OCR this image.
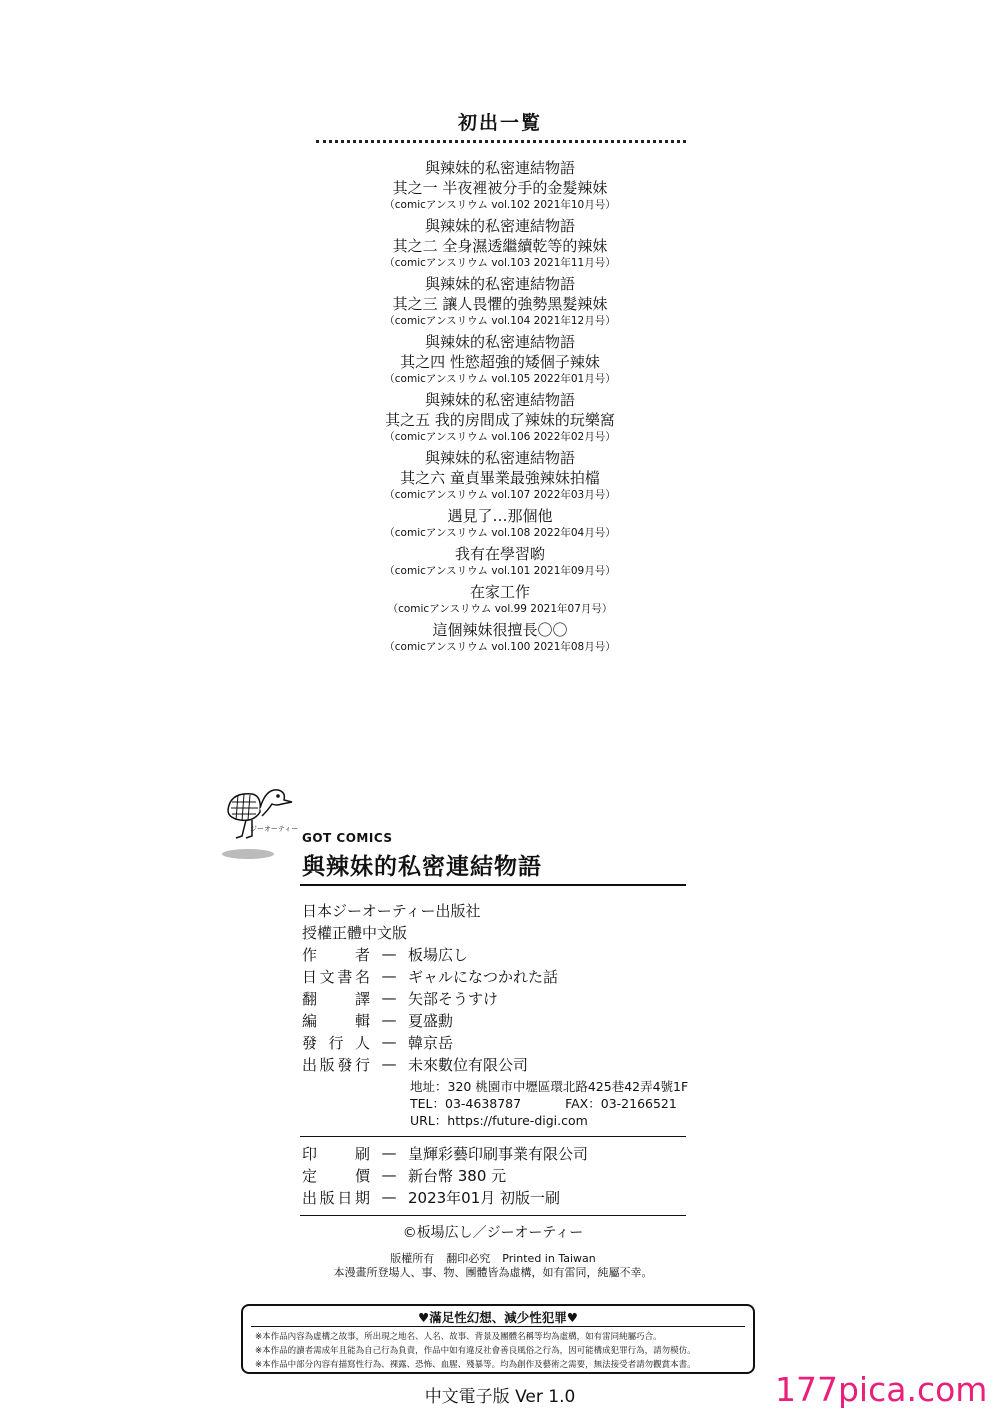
初出一覧
與辣妹的私密連結物語
其之一 半夜裡被分手的金髮辣妹
（comicアンスリウム vol.102 2021年10月号）
與辣妹的私密連結物語
其之二 全身濕透繼續乾等的辣妹
（comicアンスリウム vol.103 2021年11月号）
與辣妹的私密連結物語
其之三 讓人畏懼的強勢黑髮辣妹
（comicアンスリウム vol.104 2021年12月号）
與辣妹的私密連結物語
其之四 性慾超強的矮個子辣妹
（comicアンスリウム vol.105 2022年01月号）
與辣妹的私密連結物語
其之五 我的房間成了辣妹的玩樂窩
（comicアンスリウム vol.106 2022年02月号）
與辣妹的私密連結物語
其之六 童貞畢業最強辣妹拍檔
（comicアンスリウム vol.107 2022年03月号）
遇見了…那個他
（comicアンスリウム vol.108 2022年04月号）
我有在學習喲
（comicアンスリウム vol.101 2021年09月号）
在家工作
（comicアンスリウム vol.99 2021年07月号）
這個辣妹很擅長〇〇
（comicアンスリウム vol.100 2021年08月号）
ジーオーティー
GOT COMICS
與辣妹的私密連結物語
日本ジーオーティー出版社
授權正體中文版
作	者 — 板場広し
日 文 書 名 — ギャルになつかれた話
翻	譯 — 矢部そうすけ
編	輯 — 夏盛勳
發 行 人 — 韓京岳
出 版 發 行 — 未來數位有限公司
地址：320 桃園市中壢區環北路425巷42弄4號1F
TEL：03-4638787	FAX：03-2166521
URL：https://future-digi.com
印	刷 — 皇輝彩藝印刷事業有限公司
定	價 — 新台幣 380 元
出 版 日 期 — 2023年01月 初版一刷
©板場広し／ジーオーティー
版權所有 翻印必究 Printed in Taiwan
本漫畫所登場人、事、物、團體皆為虛構，如有雷同，純屬不幸。
♥滿足性幻想、減少性犯罪♥
※本作品內容為虛構之故事，所出現之地名、人名、故事、背景及團體名稱等均為虛構，如有雷同純屬巧合。
※本作品的讀者需成年且能為自己行為負責，作品中如有違反社會善良風俗之行為，因可能構成犯罪行為，請勿模仿。
※本作品中部分內容有描寫性行為、裸露、恐怖、血腥、殘暴等。均為創作及藝術之需要，無法接受者請勿觀賞本書。
中文電子版 Ver 1.0	177pica.com
